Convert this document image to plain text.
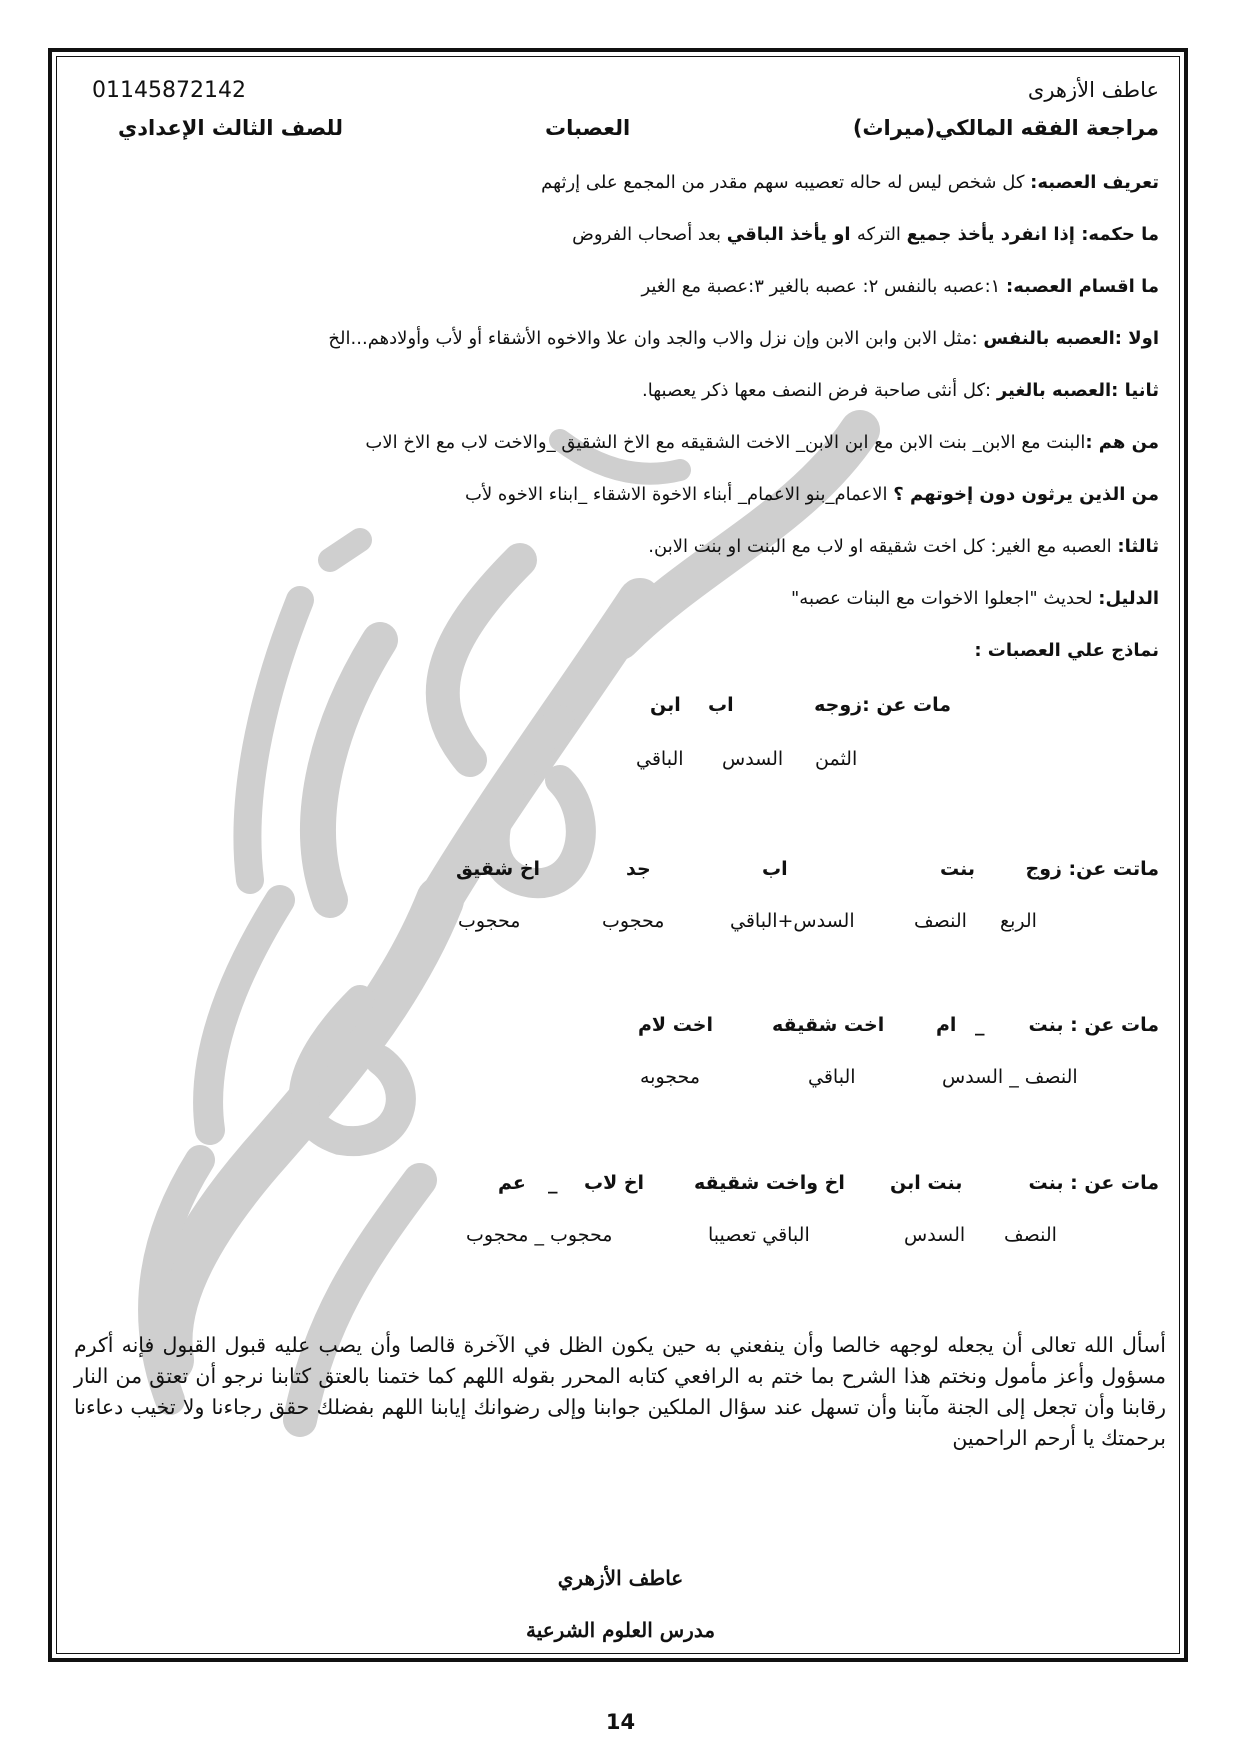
01145872142	عاطف الأزهرى
مراجعة الفقه المالكي(ميراث)
العصبات
للصف الثالث الإعدادي
تعريف العصبه: كل شخص ليس له حاله تعصيبه سهم مقدر من المجمع على إرثهم
ما حكمه: إذا انفرد يأخذ جميع التركه او يأخذ الباقي بعد أصحاب الفروض
ما اقسام العصبه: ١:عصبه بالنفس ٢: عصبه بالغير ٣:عصبة مع الغير
اولا :العصبه بالنفس :مثل الابن وابن الابن وإن نزل والاب والجد وان علا والاخوه الأشقاء أو لأب وأولادهم...الخ
ثانيا :العصبه بالغير :كل أنثى صاحبة فرض النصف معها ذكر يعصبها.
من هم :البنت مع الابن_ بنت الابن مع ابن الابن_ الاخت الشقيقه مع الاخ الشقيق _والاخت لاب مع الاخ الاب
من الذين يرثون دون إخوتهم ؟ الاعمام_بنو الاعمام_ أبناء الاخوة الاشقاء _ابناء الاخوه لأب
ثالثا: العصبه مع الغير: كل اخت شقيقه او لاب مع البنت او بنت الابن.
الدليل: لحديث "اجعلوا الاخوات مع البنات عصبه"
نماذج علي العصبات :
مات عن :زوجه
اب
ابن
الثمن
السدس
الباقي
ماتت عن: زوج
بنت
اب
جد
اخ شقيق
الربع
النصف
السدس+الباقي
محجوب
محجوب
مات عن : بنت
_
ام
اخت شقيقه
اخت لام
النصف _ السدس
الباقي
محجوبه
مات عن : بنت
بنت ابن
اخ واخت شقيقه
اخ لاب
_
عم
النصف
السدس
الباقي تعصيبا
محجوب _ محجوب
أسأل الله تعالى أن يجعله لوجهه خالصا وأن ينفعني به حين يكون الظل في الآخرة قالصا وأن يصب عليه قبول القبول فإنه أكرم مسؤول وأعز مأمول ونختم هذا الشرح بما ختم به الرافعي كتابه المحرر بقوله اللهم كما ختمنا بالعتق كتابنا نرجو أن تعتق من النار رقابنا وأن تجعل إلى الجنة مآبنا وأن تسهل عند سؤال الملكين جوابنا وإلى رضوانك إيابنا اللهم بفضلك حقق رجاءنا ولا تخيب دعاءنا برحمتك يا أرحم الراحمين
عاطف الأزهري
مدرس العلوم الشرعية
14
